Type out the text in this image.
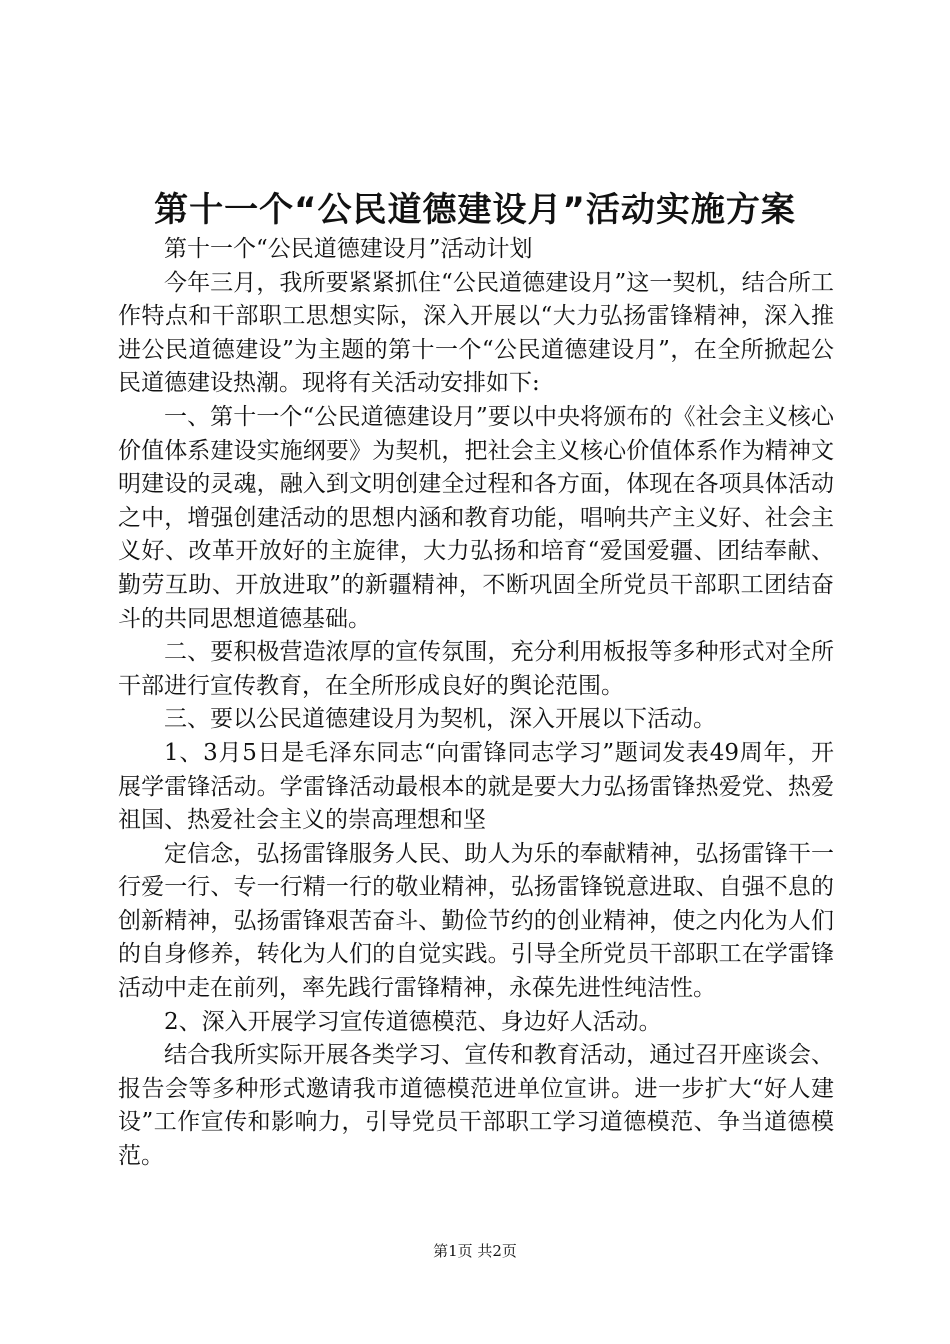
第十一个“公民道德建设月”活动实施方案

第十一个“公民道德建设月”活动计划

今年三月，我所要紧紧抓住“公民道德建设月”这一契机，结合所工作特点和干部职工思想实际，深入开展以“大力弘扬雷锋精神，深入推进公民道德建设”为主题的第十一个“公民道德建设月”，在全所掀起公民道德建设热潮。现将有关活动安排如下:

一、第十一个“公民道德建设月”要以中央将颁布的《社会主义核心价值体系建设实施纲要》为契机，把社会主义核心价值体系作为精神文明建设的灵魂，融入到文明创建全过程和各方面，体现在各项具体活动之中，增强创建活动的思想内涵和教育功能，唱响共产主义好、社会主义好、改革开放好的主旋律，大力弘扬和培育“爱国爱疆、团结奉献、勤劳互助、开放进取”的新疆精神，不断巩固全所党员干部职工团结奋斗的共同思想道德基础。

二、要积极营造浓厚的宣传氛围，充分利用板报等多种形式对全所干部进行宣传教育，在全所形成良好的舆论范围。

三、要以公民道德建设月为契机，深入开展以下活动。

1、3月5日是毛泽东同志“向雷锋同志学习”题词发表49周年，开展学雷锋活动。学雷锋活动最根本的就是要大力弘扬雷锋热爱党、热爱祖国、热爱社会主义的崇高理想和坚

定信念，弘扬雷锋服务人民、助人为乐的奉献精神，弘扬雷锋干一行爱一行、专一行精一行的敬业精神，弘扬雷锋锐意进取、自强不息的创新精神，弘扬雷锋艰苦奋斗、勤俭节约的创业精神，使之内化为人们的自身修养，转化为人们的自觉实践。引导全所党员干部职工在学雷锋活动中走在前列，率先践行雷锋精神，永葆先进性纯洁性。

2、深入开展学习宣传道德模范、身边好人活动。

结合我所实际开展各类学习、宣传和教育活动，通过召开座谈会、报告会等多种形式邀请我市道德模范进单位宣讲。进一步扩大“好人建设”工作宣传和影响力，引导党员干部职工学习道德模范、争当道德模范。

第1页 共2页
